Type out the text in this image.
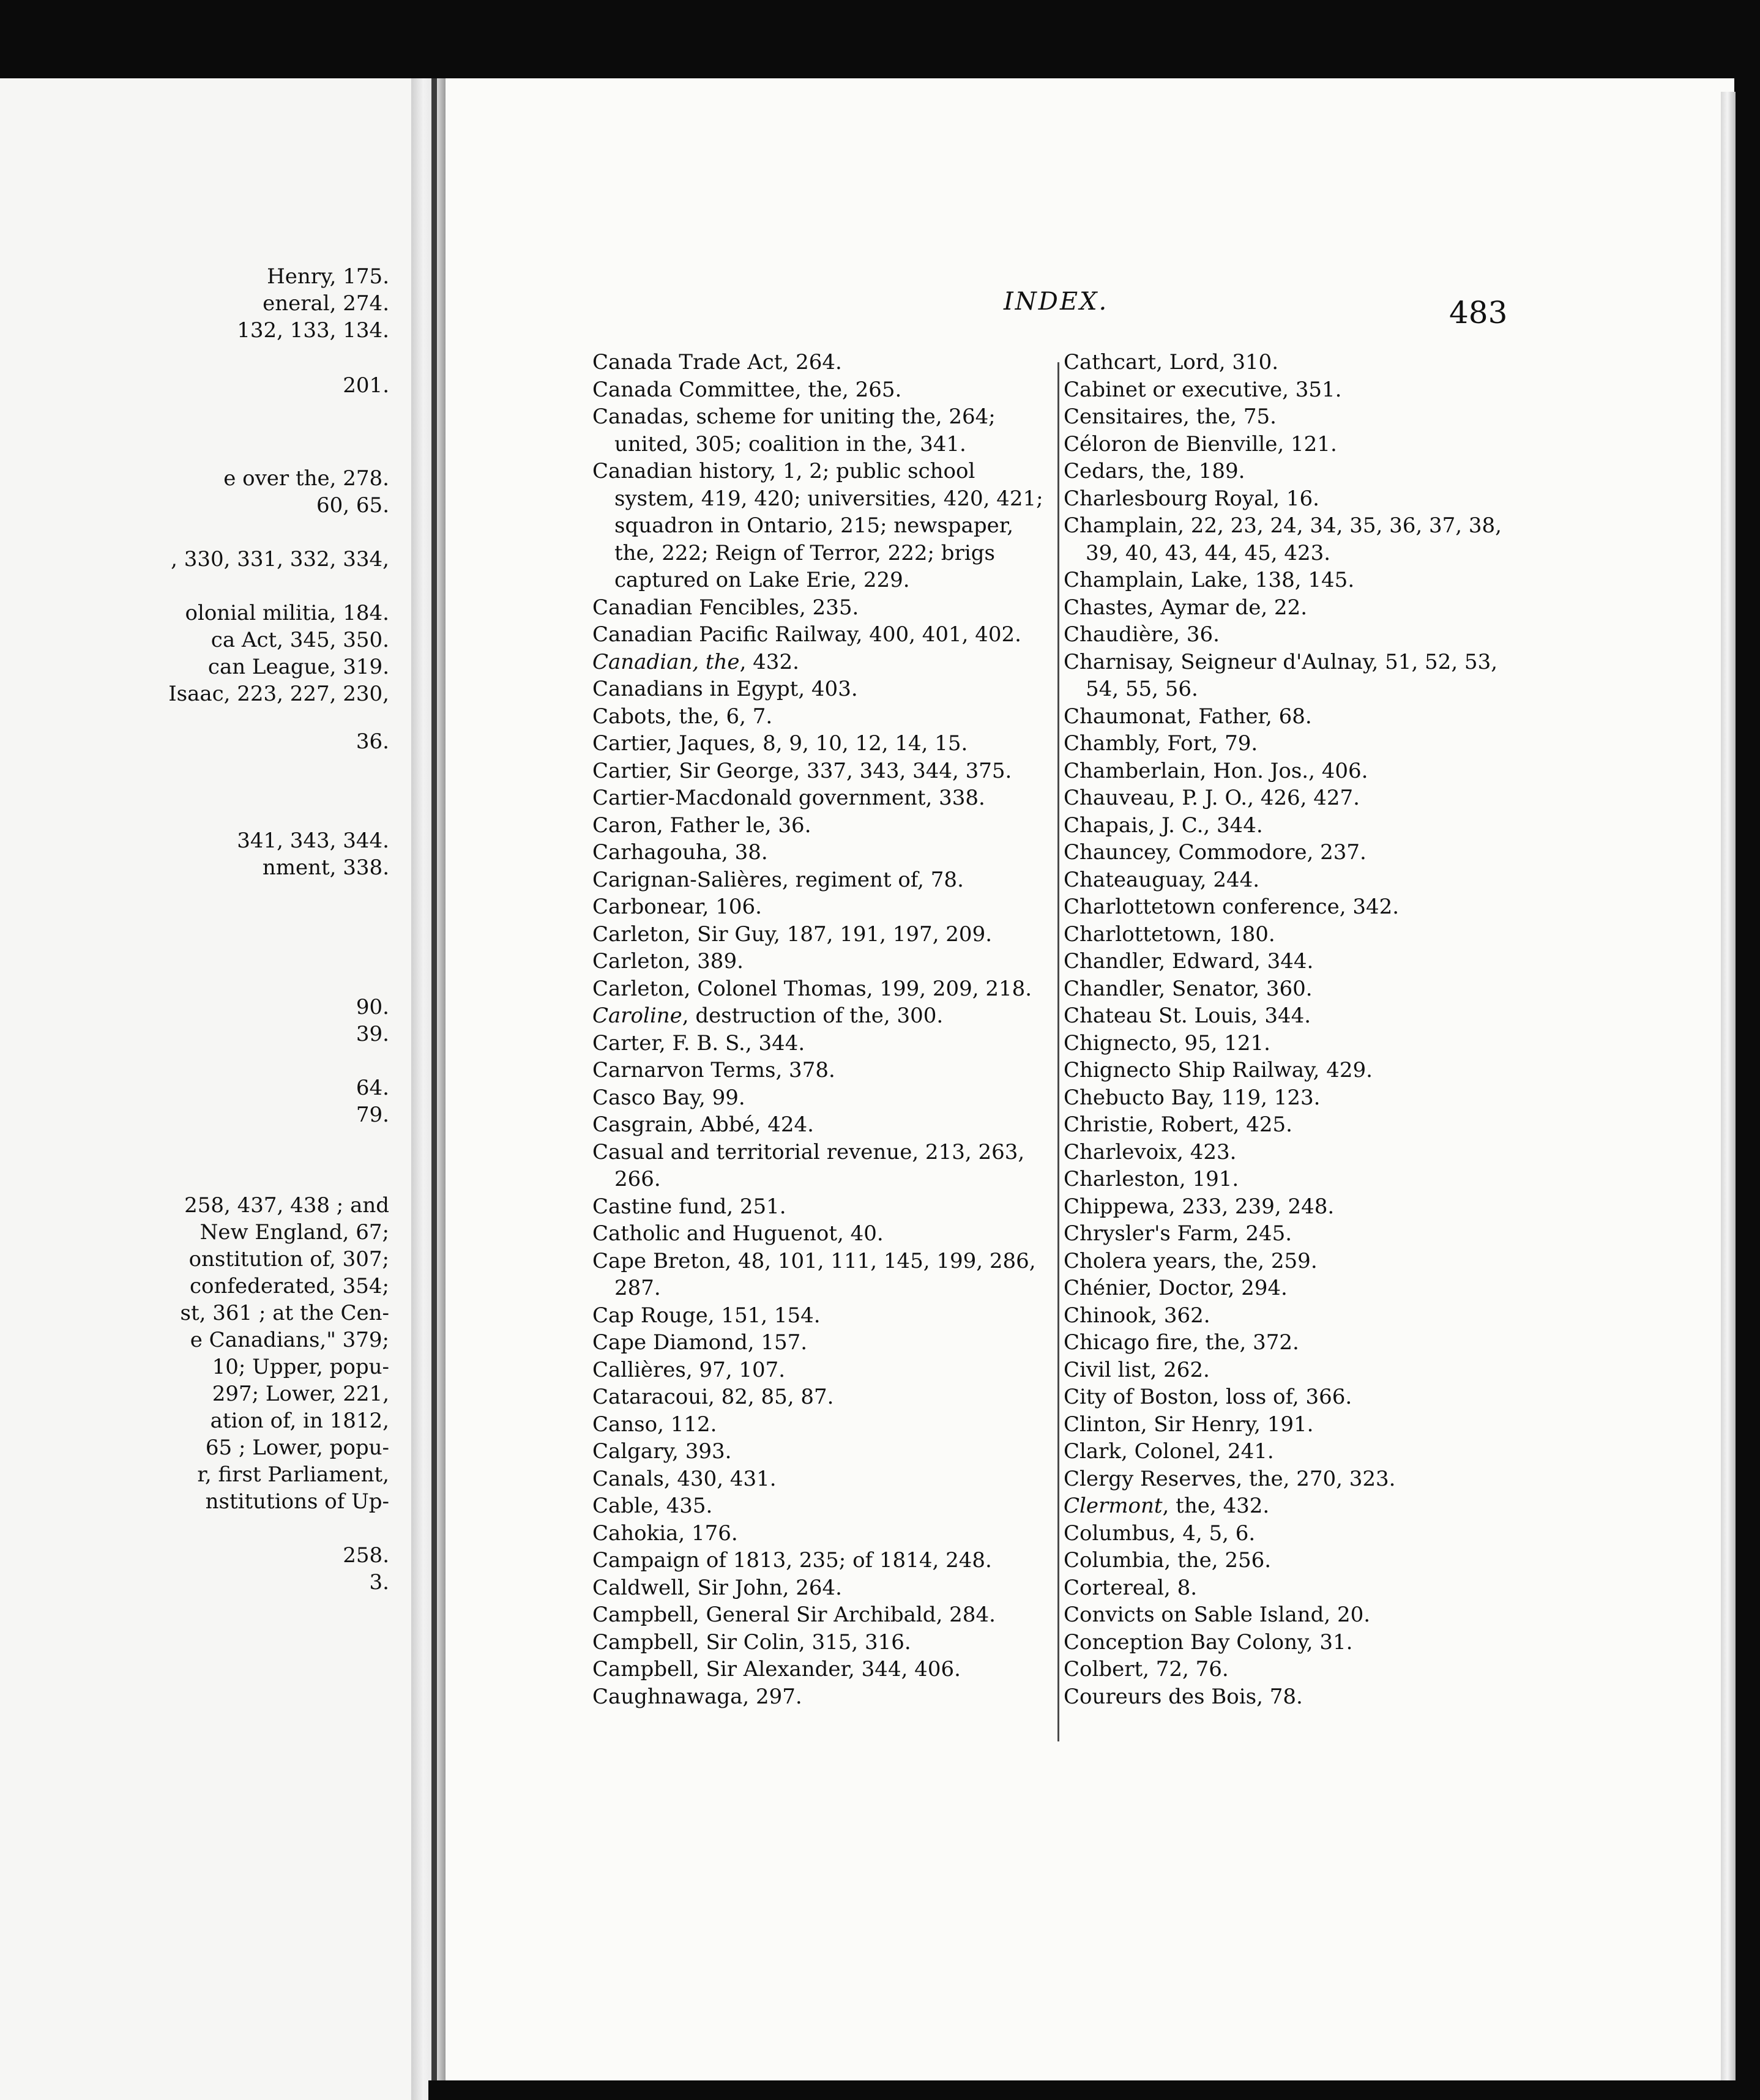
Henry, 175.
eneral, 274.
132, 133, 134.
201.
e over the, 278.
60, 65.
, 330, 331, 332, 334,
olonial militia, 184.
ca Act, 345, 350.
can League, 319.
Isaac, 223, 227, 230,
36.
341, 343, 344.
nment, 338.
90.
39.
64.
79.
258, 437, 438 ; and
New England, 67;
onstitution of, 307;
confederated, 354;
st, 361 ; at the Cen-
e Canadians," 379;
10; Upper, popu-
297; Lower, 221,
ation of, in 1812,
65 ; Lower, popu-
r, first Parliament,
nstitutions of Up-
258.
3.
INDEX.	483
Canada Trade Act, 264.
Canada Committee, the, 265.
Canadas, scheme for uniting the, 264; united, 305; coalition in the, 341.
Canadian history, 1, 2; public school system, 419, 420; universities, 420, 421; squadron in Ontario, 215; newspaper, the, 222; Reign of Terror, 222; brigs captured on Lake Erie, 229.
Canadian Fencibles, 235.
Canadian Pacific Railway, 400, 401, 402.
Canadian, the, 432.
Canadians in Egypt, 403.
Cabots, the, 6, 7.
Cartier, Jaques, 8, 9, 10, 12, 14, 15.
Cartier, Sir George, 337, 343, 344, 375.
Cartier-Macdonald government, 338.
Caron, Father le, 36.
Carhagouha, 38.
Carignan-Salières, regiment of, 78.
Carbonear, 106.
Carleton, Sir Guy, 187, 191, 197, 209.
Carleton, 389.
Carleton, Colonel Thomas, 199, 209, 218.
Caroline, destruction of the, 300.
Carter, F. B. S., 344.
Carnarvon Terms, 378.
Casco Bay, 99.
Casgrain, Abbé, 424.
Casual and territorial revenue, 213, 263, 266.
Castine fund, 251.
Catholic and Huguenot, 40.
Cape Breton, 48, 101, 111, 145, 199, 286, 287.
Cap Rouge, 151, 154.
Cape Diamond, 157.
Callières, 97, 107.
Cataracoui, 82, 85, 87.
Canso, 112.
Calgary, 393.
Canals, 430, 431.
Cable, 435.
Cahokia, 176.
Campaign of 1813, 235; of 1814, 248.
Caldwell, Sir John, 264.
Campbell, General Sir Archibald, 284.
Campbell, Sir Colin, 315, 316.
Campbell, Sir Alexander, 344, 406.
Caughnawaga, 297.
Cathcart, Lord, 310.
Cabinet or executive, 351.
Censitaires, the, 75.
Céloron de Bienville, 121.
Cedars, the, 189.
Charlesbourg Royal, 16.
Champlain, 22, 23, 24, 34, 35, 36, 37, 38, 39, 40, 43, 44, 45, 423.
Champlain, Lake, 138, 145.
Chastes, Aymar de, 22.
Chaudière, 36.
Charnisay, Seigneur d'Aulnay, 51, 52, 53, 54, 55, 56.
Chaumonat, Father, 68.
Chambly, Fort, 79.
Chamberlain, Hon. Jos., 406.
Chauveau, P. J. O., 426, 427.
Chapais, J. C., 344.
Chauncey, Commodore, 237.
Chateauguay, 244.
Charlottetown conference, 342.
Charlottetown, 180.
Chandler, Edward, 344.
Chandler, Senator, 360.
Chateau St. Louis, 344.
Chignecto, 95, 121.
Chignecto Ship Railway, 429.
Chebucto Bay, 119, 123.
Christie, Robert, 425.
Charlevoix, 423.
Charleston, 191.
Chippewa, 233, 239, 248.
Chrysler's Farm, 245.
Cholera years, the, 259.
Chénier, Doctor, 294.
Chinook, 362.
Chicago fire, the, 372.
Civil list, 262.
City of Boston, loss of, 366.
Clinton, Sir Henry, 191.
Clark, Colonel, 241.
Clergy Reserves, the, 270, 323.
Clermont, the, 432.
Columbus, 4, 5, 6.
Columbia, the, 256.
Cortereal, 8.
Convicts on Sable Island, 20.
Conception Bay Colony, 31.
Colbert, 72, 76.
Coureurs des Bois, 78.
